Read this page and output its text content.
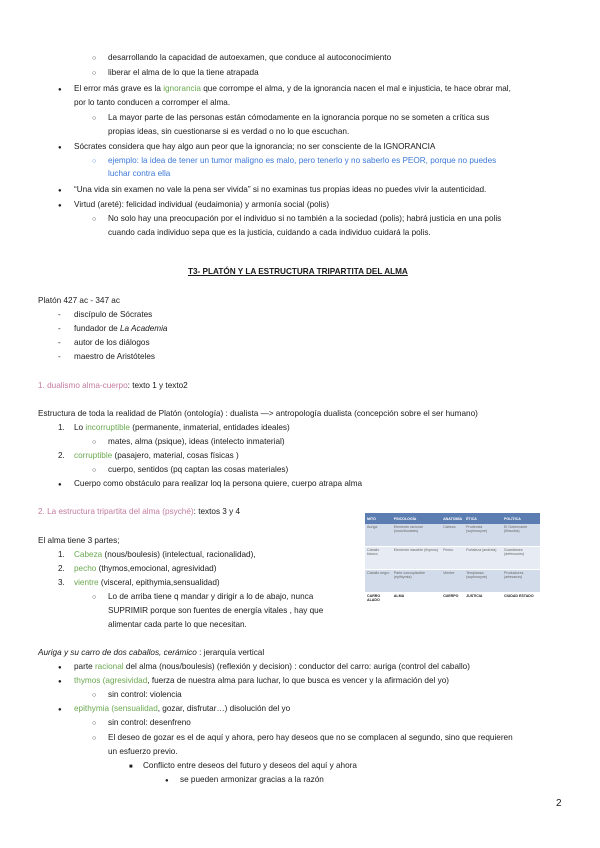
○
desarrollando la capacidad de autoexamen, que conduce al autoconocimiento
○
liberar el alma de lo que la tiene atrapada
●
El error más grave es la ignorancia que corrompe el alma, y de la ignorancia nacen el mal e injusticia, te hace obrar mal,
por lo tanto conducen a corromper el alma.
○
La mayor parte de las personas están cómodamente en la ignorancia porque no se someten a crítica sus
propias ideas, sin cuestionarse si es verdad o no lo que escuchan.
●
Sócrates considera que hay algo aun peor que la ignorancia; no ser consciente de la IGNORANCIA
○
ejemplo: la idea de tener un tumor maligno es malo, pero tenerlo y no saberlo es PEOR, porque no puedes
luchar contra ella
●
“Una vida sin examen no vale la pena ser vivida” si no examinas tus propias ideas no puedes vivir la autenticidad.
●
Virtud (areté): felicidad individual (eudaimonia) y armonía social (polis)
○
No solo hay una preocupación por el individuo si no también a la sociedad (polis); habrá justicia en una polis
cuando cada individuo sepa que es la justicia, cuidando a cada individuo cuidará la polis.
T3- PLATÓN Y LA ESTRUCTURA TRIPARTITA DEL ALMA
Platón 427 ac - 347 ac
- discípulo de Sócrates
- fundador de La Academia
- autor de los diálogos
- maestro de Aristóteles
1. dualismo alma-cuerpo: texto 1 y texto2
Estructura de toda la realidad de Platón (ontología) : dualista —> antropología dualista (concepción sobre el ser humano)
1. Lo incorruptible (permanente, inmaterial, entidades ideales)
○
mates, alma (psique), ideas (intelecto inmaterial)
2. corruptible (pasajero, material, cosas físicas )
○
cuerpo, sentidos (pq captan las cosas materiales)
●
Cuerpo como obstáculo para realizar loq la persona quiere, cuerpo atrapa alma
2. La estructura tripartita del alma (psyché): textos 3 y 4
El alma tiene 3 partes;
1. Cabeza (nous/boulesis) (intelectual, racionalidad),
2. pecho (thymos,emocional, agresividad)
3. vientre (visceral, epithymia,sensualidad)
○
Lo de arriba tiene q mandar y dirigir a lo de abajo, nunca
SUPRIMIR porque son fuentes de energía vitales , hay que
alimentar cada parte lo que necesitan.
MITO	PSICOLOGÍA	ANATOMÍA	ÉTICA	POLÍTICA
Auriga	Elemento racional (nous/boulesis)	Cabeza	Prudencia (sophrosyne)	El Gobernante (filósofos)
Caballo blanco	Elemento irascible (thymos)	Pecho	Fortaleza (andreia)	Guardianes (defensores)
Caballo negro	Parte concupiscible (epithymia)	Vientre	Templanza (sophrosyne)	Productores (artesanos)
CARRO ALADO	ALMA	CUERPO	JUSTICIA	CIUDAD ESTADO
Auriga y su carro de dos caballos, cerámico : jerarquía vertical
●
parte racional del alma (nous/boulesis) (reflexión y decision) : conductor del carro: auriga (control del caballo)
●
thymos (agresividad, fuerza de nuestra alma para luchar, lo que busca es vencer y la afirmación del yo)
○
sin control: violencia
●
epithymia (sensualidad, gozar, disfrutar…) disolución del yo
○
sin control: desenfreno
○
El deseo de gozar es el de aquí y ahora, pero hay deseos que no se complacen al segundo, sino que requieren
un esfuerzo previo.
■
Conflicto entre deseos del futuro y deseos del aquí y ahora
●
se pueden armonizar gracias a la razón
2
